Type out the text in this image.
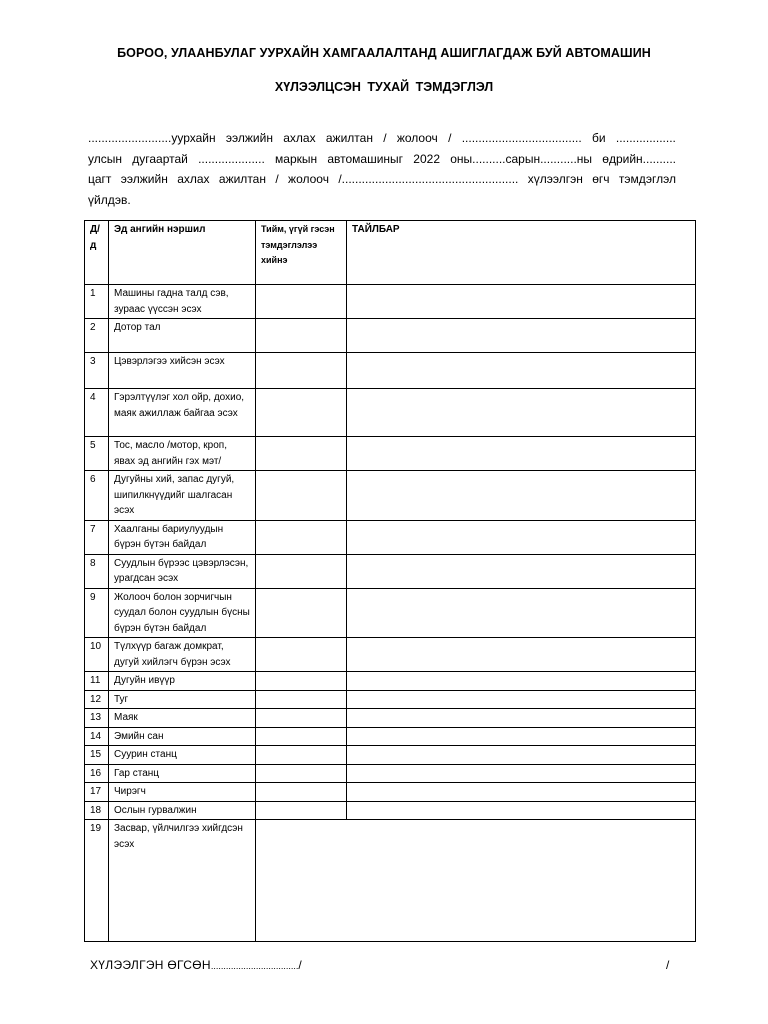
БОРОО, УЛААНБУЛАГ УУРХАЙН ХАМГААЛАЛТАНД АШИГЛАГДАЖ БУЙ АВТОМАШИН
ХҮЛЭЭЛЦСЭН ТУХАЙ ТЭМДЭГЛЭЛ
.........................уурхайн ээлжийн ахлах ажилтан / жолооч / .................................... би ..................
улсын дугаартай .................... маркын автомашиныг 2022 оны..........сарын...........ны өдрийн..........
цагт ээлжийн ахлах ажилтан / жолооч /..................................................... хүлээлгэн өгч тэмдэглэл
үйлдэв.
Д/д	Эд ангийн нэршил	Тийм, үгүй гэсэн тэмдэглэлээ хийнэ	ТАЙЛБАР
1	Машины гадна талд сэв, зураас үүссэн эсэх		
2	Дотор тал		
3	Цэвэрлэгээ хийсэн эсэх		
4	Гэрэлтүүлэг хол ойр, дохио, маяк ажиллаж байгаа эсэх		
5	Тос, масло /мотор, кроп, явах эд ангийн гэх мэт/		
6	Дугуйны хий, запас дугуй, шипилкнүүдийг шалгасан эсэх		
7	Хаалганы бариулуудын бүрэн бүтэн байдал		
8	Суудлын бүрээс цэвэрлэсэн, урагдсан эсэх		
9	Жолооч болон зорчигчын суудал болон суудлын бүсны бүрэн бүтэн байдал		
10	Түлхүүр багаж домкрат, дугуй хийлэгч бүрэн эсэх		
11	Дугуйн ивүүр		
12	Туг		
13	Маяк		
14	Эмийн сан		
15	Суурин станц		
16	Гар станц		
17	Чирэгч		
18	Ослын гурвалжин		
19	Засвар, үйлчилгээ хийгдсэн эсэх		
ХҮЛЭЭЛГЭН ӨГСӨН.................................../	/
